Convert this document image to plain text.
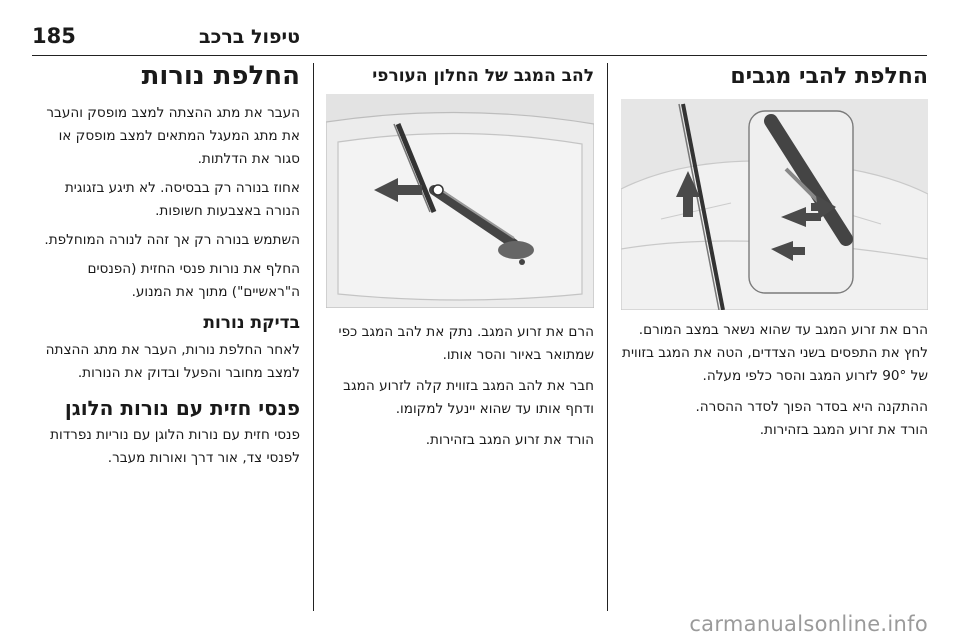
185	טיפול ברכב
החלפת להבי מגבים

הרם את זרוע המגב עד שהוא נשאר במצב המורם. לחץ את התפסים בשני הצדדים, הטה את המגב בזווית של 90° לזרוע המגב והסר כלפי מעלה.

ההתקנה היא בסדר הפוך לסדר ההסרה.

הורד את זרוע המגב בזהירות.

להב המגב של החלון העורפי

הרם את זרוע המגב. נתק את להב המגב כפי שמתואר באיור והסר אותו.

חבר את להב המגב בזווית קלה לזרוע המגב ודחף אותו עד שהוא יינעל למקומו.

הורד את זרוע המגב בזהירות.

החלפת נורות

העבר את מתג ההצתה למצב מופסק והעבר את מתג המעגל המתאים למצב מופסק או סגור את הדלתות.

אחוז בנורה רק בבסיסה. לא תיגע בזגוגית הנורה באצבעות חשופות.

השתמש בנורה רק אך זהה לנורה המוחלפת.

החלף את נורות פנסי החזית (הפנסים ה"ראשיים") מתוך את המנוע.

בדיקת נורות

לאחר החלפת נורות, העבר את מתג ההצתה למצב מחובר והפעל ובדוק את הנורות.

פנסי חזית עם נורות הלוגן

פנסי חזית עם נורות הלוגן עם נוריות נפרדות לפנסי צד, אור דרך ואורות מעבר.

carmanualsonline.info
